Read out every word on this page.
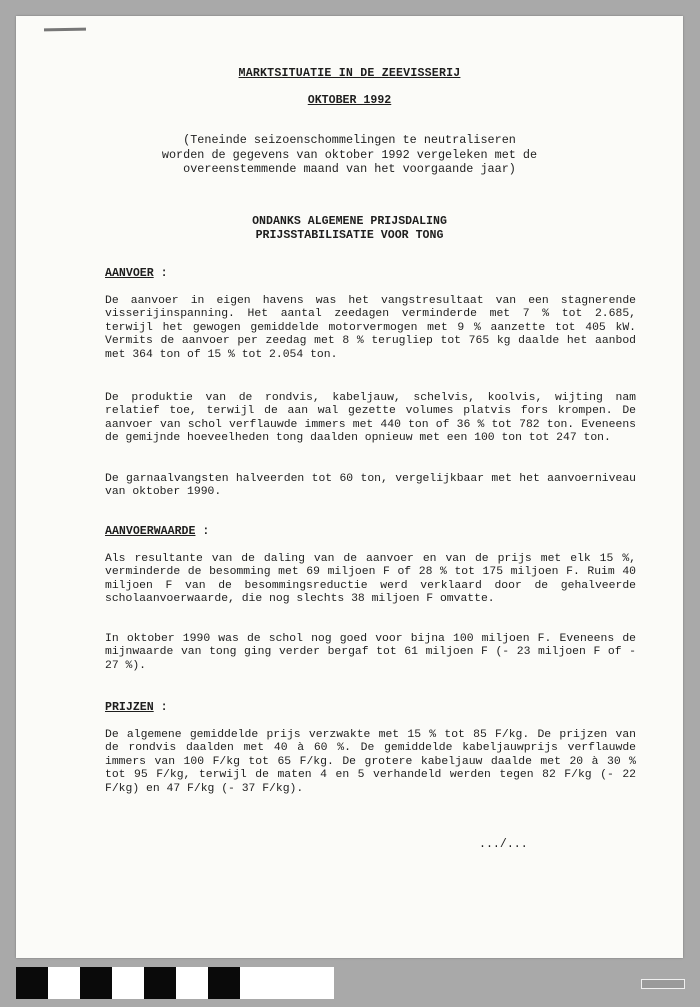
MARKTSITUATIE IN DE ZEEVISSERIJ
OKTOBER 1992
(Teneinde seizoenschommelingen te neutraliseren
worden de gegevens van oktober 1992 vergeleken met de
overeenstemmende maand van het voorgaande jaar)
ONDANKS ALGEMENE PRIJSDALING
PRIJSSTABILISATIE VOOR TONG
AANVOER :
De aanvoer in eigen havens was het vangstresultaat van een stagnerende visserijinspanning. Het aantal zeedagen verminderde met 7 % tot 2.685, terwijl het gewogen gemiddelde motorvermogen met 9 % aanzette tot 405 kW. Vermits de aanvoer per zeedag met 8 % terugliep tot 765 kg daalde het aanbod met 364 ton of 15 % tot 2.054 ton.
De produktie van de rondvis, kabeljauw, schelvis, koolvis, wijting nam relatief toe, terwijl de aan wal gezette volumes platvis fors krompen. De aanvoer van schol verflauwde immers met 440 ton of 36 % tot 782 ton. Eveneens de gemijnde hoeveelheden tong daalden opnieuw met een 100 ton tot 247 ton.
De garnaalvangsten halveerden tot 60 ton, vergelijkbaar met het aanvoerniveau van oktober 1990.
AANVOERWAARDE :
Als resultante van de daling van de aanvoer en van de prijs met elk 15 %, verminderde de besomming met 69 miljoen F of 28 % tot 175 miljoen F. Ruim 40 miljoen F van de besommingsreductie werd verklaard door de gehalveerde scholaanvoerwaarde, die nog slechts 38 miljoen F omvatte.
In oktober 1990 was de schol nog goed voor bijna 100 miljoen F. Eveneens de mijnwaarde van tong ging verder bergaf tot 61 miljoen F (- 23 miljoen F of - 27 %).
PRIJZEN :
De algemene gemiddelde prijs verzwakte met 15 % tot 85 F/kg. De prijzen van de rondvis daalden met 40 à 60 %. De gemiddelde kabeljauwprijs verflauwde immers van 100 F/kg tot 65 F/kg. De grotere kabeljauw daalde met 20 à 30 % tot 95 F/kg, terwijl de maten 4 en 5 verhandeld werden tegen 82 F/kg (- 22 F/kg) en 47 F/kg (- 37 F/kg).
.../...
